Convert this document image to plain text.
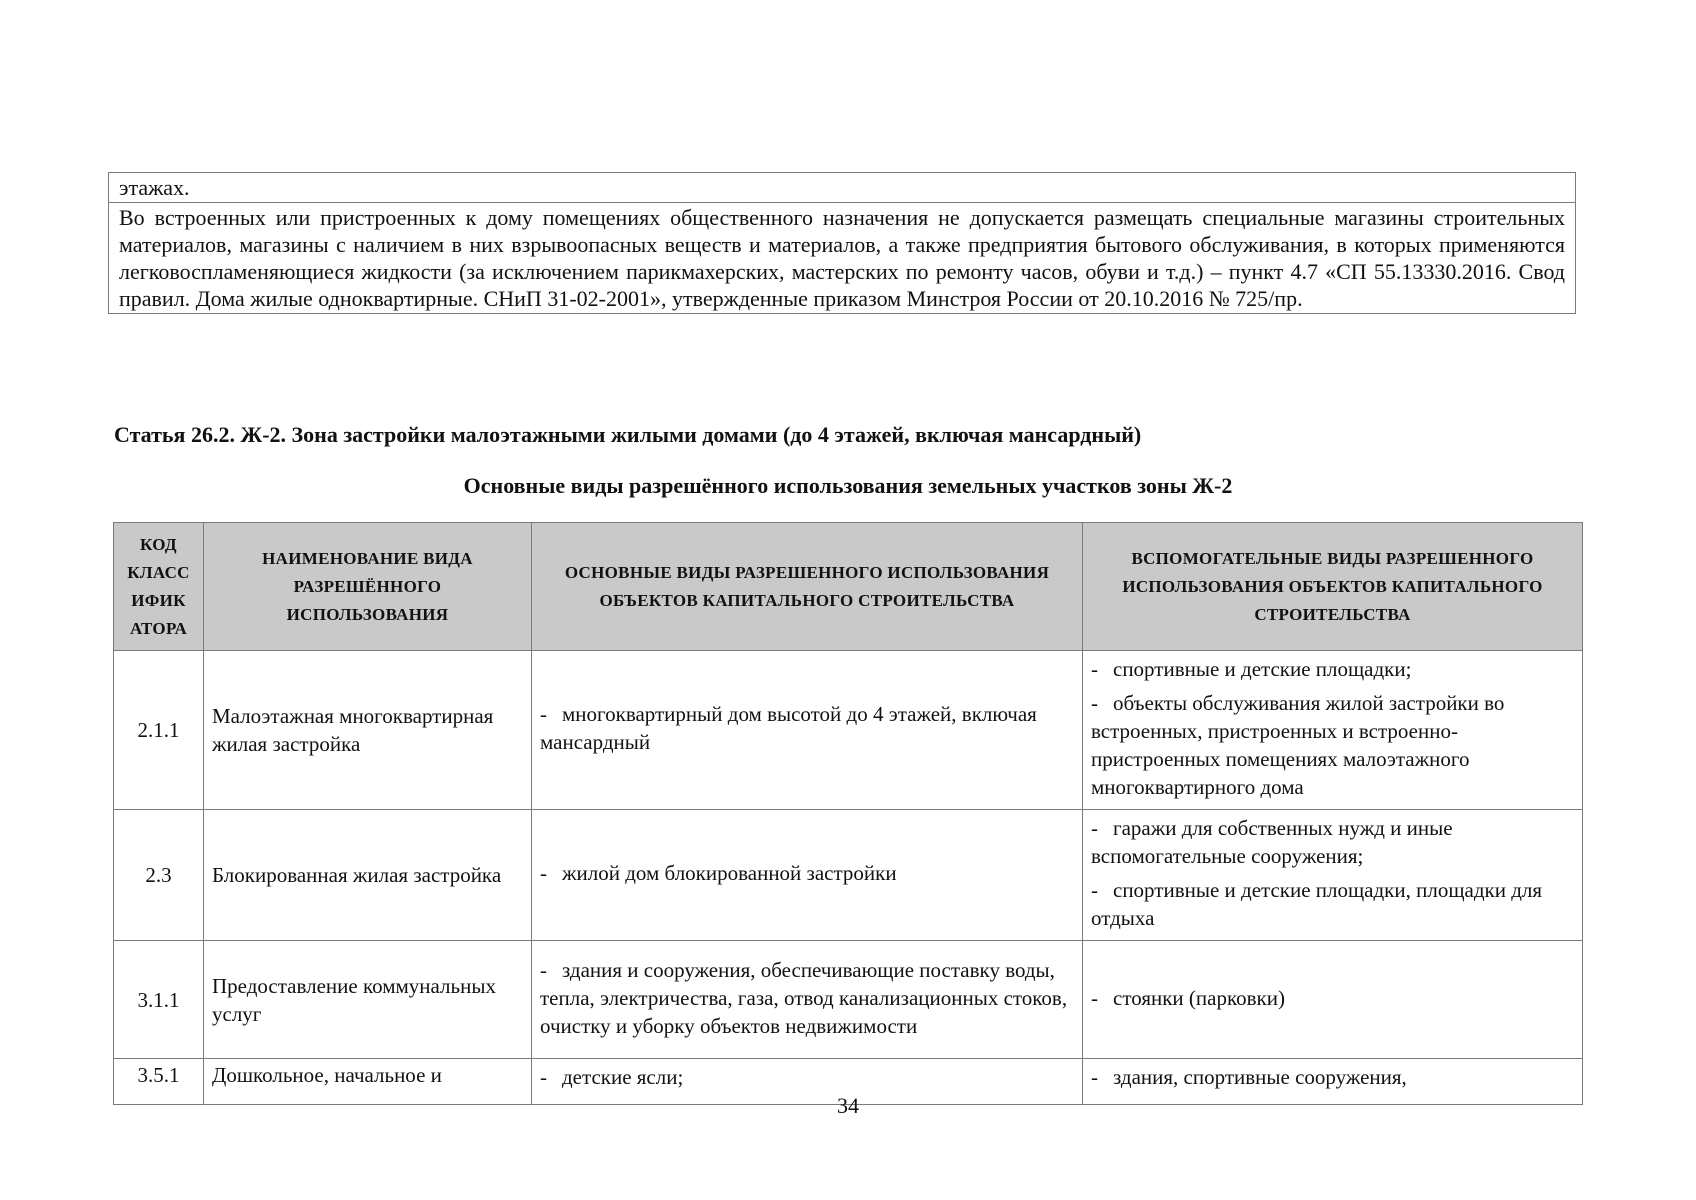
этажах.
Во встроенных или пристроенных к дому помещениях общественного назначения не допускается размещать специальные магазины строительных материалов, магазины с наличием в них взрывоопасных веществ и материалов, а также предприятия бытового обслуживания, в которых применяются легковоспламеняющиеся жидкости (за исключением парикмахерских, мастерских по ремонту часов, обуви и т.д.) – пункт 4.7 «СП 55.13330.2016. Свод правил. Дома жилые одноквартирные. СНиП 31-02-2001», утвержденные приказом Минстроя России от 20.10.2016 № 725/пр.
Статья 26.2. Ж-2. Зона застройки малоэтажными жилыми домами (до 4 этажей, включая мансардный)
Основные виды разрешённого использования земельных участков зоны Ж-2
КОД КЛАСС ИФИК АТОРА	НАИМЕНОВАНИЕ ВИДА РАЗРЕШЁННОГО ИСПОЛЬЗОВАНИЯ	ОСНОВНЫЕ ВИДЫ РАЗРЕШЕННОГО ИСПОЛЬЗОВАНИЯ ОБЪЕКТОВ КАПИТАЛЬНОГО СТРОИТЕЛЬСТВА	ВСПОМОГАТЕЛЬНЫЕ ВИДЫ РАЗРЕШЕННОГО ИСПОЛЬЗОВАНИЯ ОБЪЕКТОВ КАПИТАЛЬНОГО СТРОИТЕЛЬСТВА
2.1.1	Малоэтажная многоквартирная жилая застройка	- многоквартирный дом высотой до 4 этажей, включая мансардный	- спортивные и детские площадки;
- объекты обслуживания жилой застройки во встроенных, пристроенных и встроенно-пристроенных помещениях малоэтажного многоквартирного дома

2.3	Блокированная жилая застройка	- жилой дом блокированной застройки	- гаражи для собственных нужд и иные вспомогательные сооружения;
- спортивные и детские площадки, площадки для отдыха

3.1.1	Предоставление коммунальных услуг	- здания и сооружения, обеспечивающие поставку воды, тепла, электричества, газа, отвод канализационных стоков, очистку и уборку объектов недвижимости	- стоянки (парковки)

3.5.1	Дошкольное, начальное и	- детские ясли;	- здания, спортивные сооружения,
34
